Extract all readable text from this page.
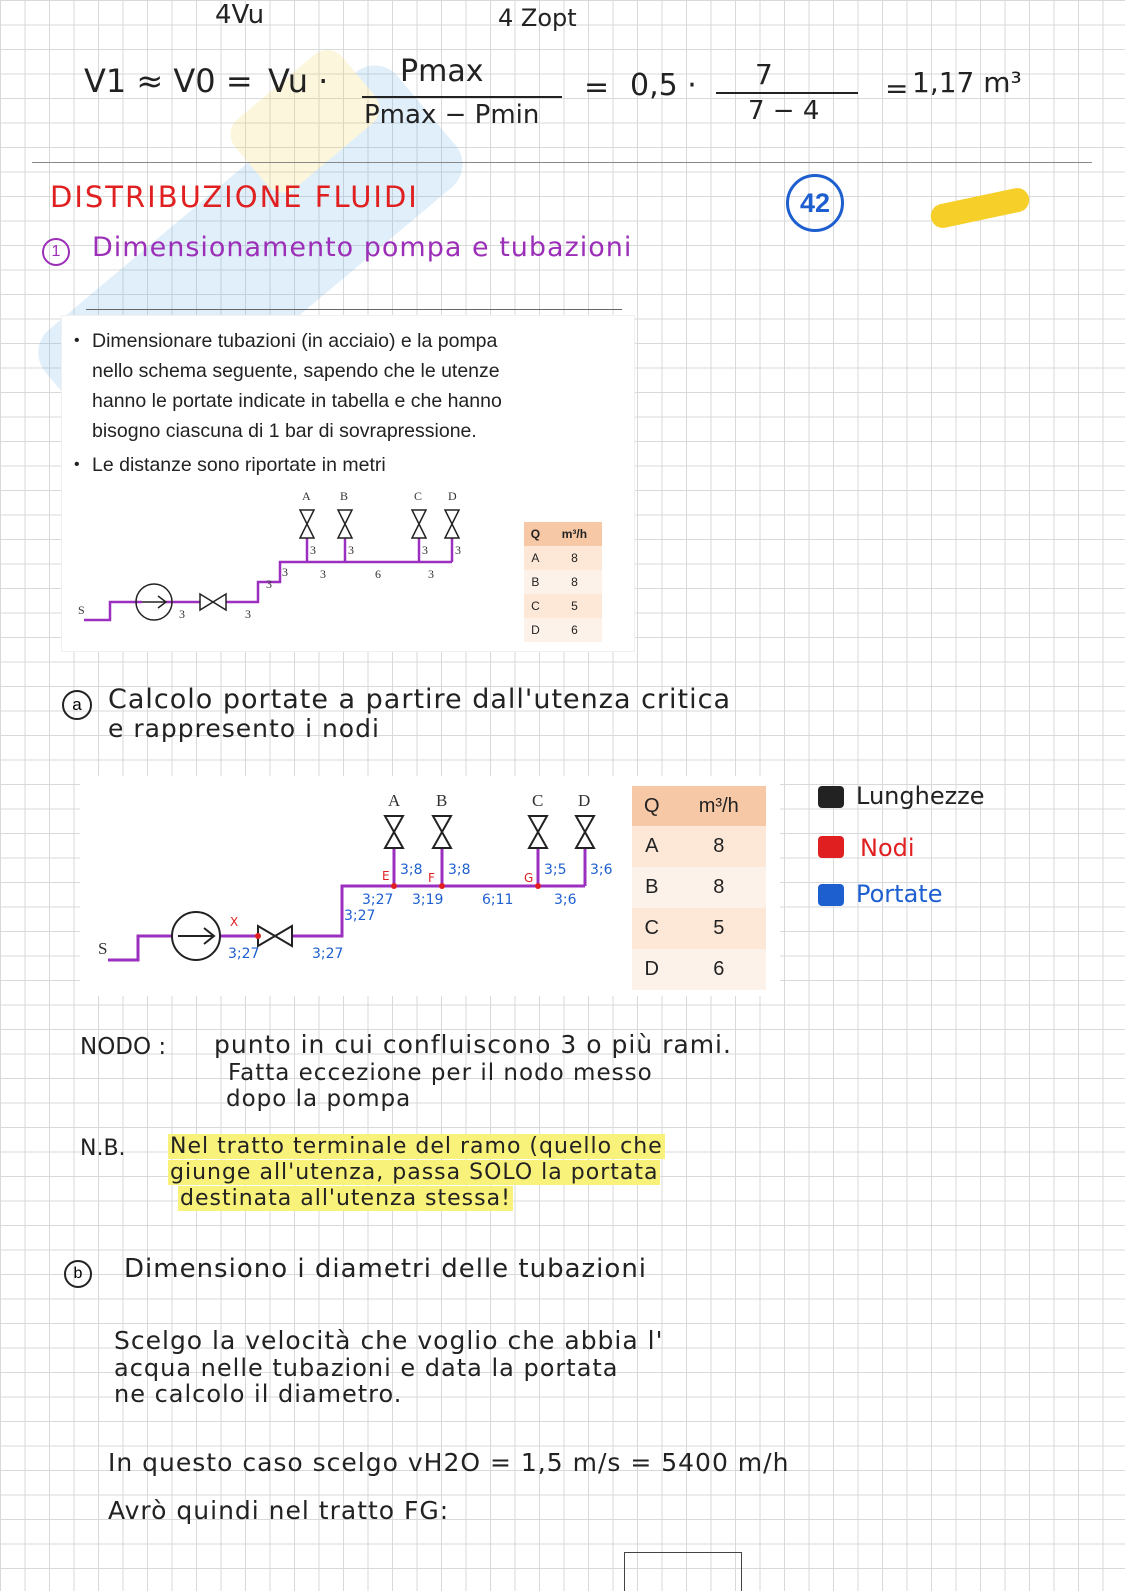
4Vu	4 Zopt
V1 ≈ V0 = Vu · Pmax
Pmax − Pmin
= 0,5 · 7
7 − 4
= 1,17 m³
DISTRIBUZIONE FLUIDI	42
1	Dimensionamento pompa e tubazioni
• Dimensionare tubazioni (in acciaio) e la pompa
nello schema seguente, sapendo che le utenze
hanno le portate indicate in tabella e che hanno
bisogno ciascuna di 1 bar di sovrapressione.
• Le distanze sono riportate in metri
A B	C D
S
3	3	3 3
3
3
3	6	3
3	3
Q	m³/h
A	8
B	8
C	5
D	6
a Calcolo portate a partire dall'utenza critica
e rappresento i nodi
A B	C D
S
E	F	G
X
3;8 3;8	3;5 3;6
3;27 3;19	6;11	3;6
3;27
3;27	3;27
Q	m³/h
A	8
B	8
C	5
D	6
Lunghezze
Nodi
Portate
NODO : punto in cui confluiscono 3 o più rami.
Fatta eccezione per il nodo messo
dopo la pompa
N.B. Nel tratto terminale del ramo (quello che
giunge all'utenza, passa SOLO la portata
destinata all'utenza stessa!
b	Dimensiono i diametri delle tubazioni
Scelgo la velocità che voglio che abbia l'
acqua nelle tubazioni e data la portata
ne calcolo il diametro.
In questo caso scelgo vH2O = 1,5 m/s = 5400 m/h
Avrò quindi nel tratto FG:
